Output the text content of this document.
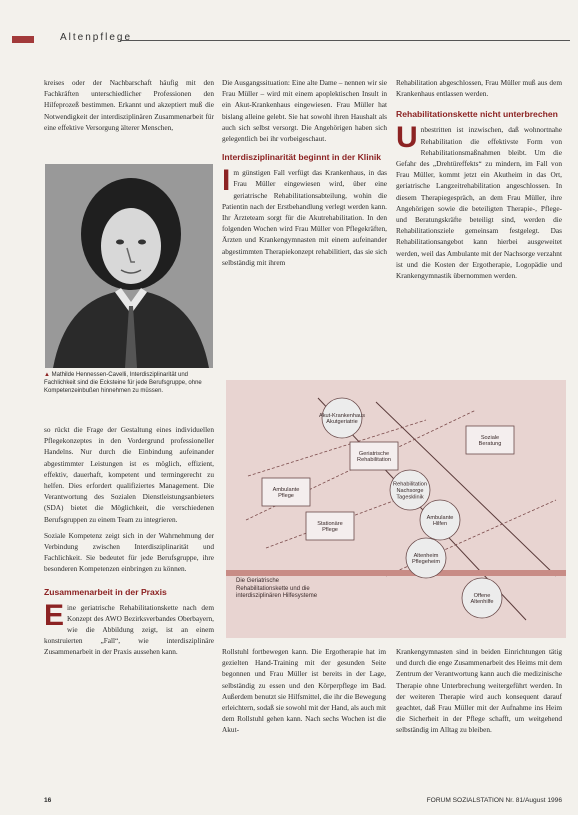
Altenpflege

kreises oder der Nachbarschaft häufig mit den Fachkräften unterschiedlicher Professionen den Hilfeprozeß bestimmen. Erkannt und akzeptiert muß die Notwendigkeit der interdisziplinären Zusammenarbeit für eine effektive Versorgung älterer Menschen,

▲ Mathilde Hennessen-Cavelli, Interdisziplinarität und Fachlichkeit sind die Ecksteine für jede Berufsgruppe, ohne Kompetenzeinbußen hinnehmen zu müssen.

so rückt die Frage der Gestaltung eines individuellen Pflegekonzeptes in den Vordergrund professioneller Handelns. Nur durch die Einbindung aufeinander abgestimmter Leistungen ist es möglich, effizient, effektiv, dauerhaft, kompetent und termingerecht zu helfen. Dies erfordert qualifiziertes Management. Die Verantwortung des Sozialen Dienstleistungsanbieters (SDA) bietet die Möglichkeit, die verschiedenen Berufsgruppen zu einem Team zu integrieren.

Soziale Kompetenz zeigt sich in der Wahrnehmung der Verbindung zwischen Interdisziplinarität und Fachlichkeit. Sie bedeutet für jede Berufsgruppe, ihre besonderen Kompetenzen einbringen zu können.

Zusammenarbeit in der Praxis

Eine geriatrische Rehabilitationskette nach dem Konzept des AWO Bezirksverbandes Oberbayern, wie die Abbildung zeigt, ist an einem konstruierten „Fall“, wie interdisziplinäre Zusammenarbeit in der Praxis aussehen kann.

Die Ausgangssituation: Eine alte Dame – nennen wir sie Frau Müller – wird mit einem apoplektischen Insult in ein Akut-Krankenhaus eingewiesen. Frau Müller hat bislang alleine gelebt. Sie hat sowohl ihren Haushalt als auch sich selbst versorgt. Die Angehörigen haben sich gelegentlich bei ihr vorbeigeschaut.

Interdisziplinarität beginnt in der Klinik

Im günstigen Fall verfügt das Krankenhaus, in das Frau Müller eingewiesen wird, über eine geriatrische Rehabilitationsabteilung, wohin die Patientin nach der Erstbehandlung verlegt werden kann. Ihr Ärzteteam sorgt für die Akutrehabilitation. In den folgenden Wochen wird Frau Müller von Pflegekräften, Ärzten und Krankengymnasten mit einem aufeinander abgestimmten Therapiekonzept rehabilitiert, das sie sich selbständig mit ihrem

Rehabilitation abgeschlossen, Frau Müller muß aus dem Krankenhaus entlassen werden.

Rehabilitationskette nicht unterbrechen

Unbestritten ist inzwischen, daß wohnortnahe Rehabilitation die effektivste Form von Rehabilitationsmaßnahmen bleibt. Um die Gefahr des „Drehtüreffekts“ zu mindern, im Fall von Frau Müller, kommt jetzt ein Akutheim in das Ort, geriatrische Langzeitrehabilitation angeschlossen. In diesem Therapiegespräch, an dem Frau Müller, ihre Angehörigen sowie die beteiligten Therapie-, Pflege- und Beratungskräfte beteiligt sind, werden die Rehabilitationsziele gemeinsam festgelegt. Das Rehabilitationsangebot kann hierbei ausgeweitet werden, weil das Ambulante mit der Nachsorge verzahnt ist und die Kosten der Ergotherapie, Logopädie und Krankengymnastik übernommen werden.

Akut-Krankenhaus Akutgeriatrie
Geriatrische Rehabilitation
Rehabilitation Nachsorge Tagesklinik
Ambulante Pflege
Stationäre Pflege
Ambulante Hilfen
Soziale Beratung
Altenheim Pflegeheim
Offene Altenhilfe
Die Geriatrische Rehabilitationskette und die interdisziplinären Hilfesysteme

Rollstuhl fortbewegen kann. Die Ergotherapie hat im gezielten Hand-Training mit der gesunden Seite begonnen und Frau Müller ist bereits in der Lage, selbständig zu essen und den Körperpflege im Bad. Außerdem benutzt sie Hilfsmittel, die ihr die Bewegung erleichtern, sodaß sie sowohl mit der Hand, als auch mit dem Rollstuhl gehen kann. Nach sechs Wochen ist die Akut-

Krankengymnasten sind in beiden Einrichtungen tätig und durch die enge Zusammenarbeit des Heims mit dem Zentrum der Verantwortung kann auch die medizinische Therapie ohne Unterbrechung weitergeführt werden. In der weiteren Therapie wird auch konsequent darauf geachtet, daß Frau Müller mit der Aufnahme ins Heim die Sicherheit in der Pflege schafft, um weitgehend selbständig im Alltag zu bleiben.

16	FORUM SOZIALSTATION Nr. 81/August 1996
